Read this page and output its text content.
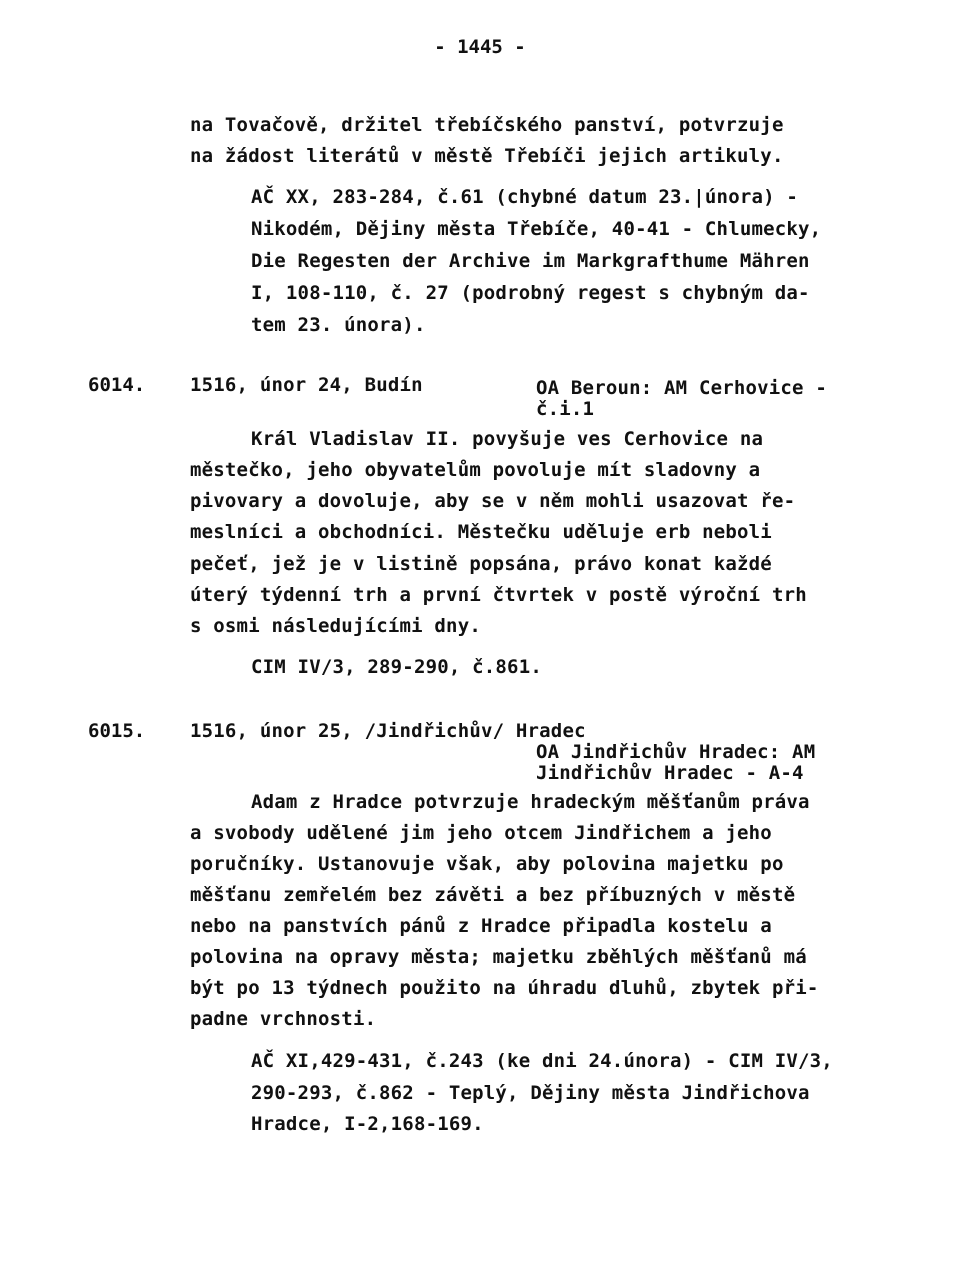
- 1445 -
na Tovačově, držitel třebíčského panství, potvrzuje
na žádost literátů v městě Třebíči jejich artikuly.
AČ XX, 283-284, č.61 (chybné datum 23.|února) -
Nikodém, Dějiny města Třebíče, 40-41 - Chlumecky,
Die Regesten der Archive im Markgrafthume Mähren
I, 108-110, č. 27 (podrobný regest s chybným da-
tem 23. února).
6014. 1516, únor 24, Budín	OA Beroun: AM Cerhovice -
č.i.1
Král Vladislav II. povyšuje ves Cerhovice na
městečko, jeho obyvatelům povoluje mít sladovny a
pivovary a dovoluje, aby se v něm mohli usazovat ře-
meslníci a obchodníci. Městečku uděluje erb neboli
pečeť, jež je v listině popsána, právo konat každé
úterý týdenní trh a první čtvrtek v postě výroční trh
s osmi následujícími dny.
CIM IV/3, 289-290, č.861.
6015. 1516, únor 25, /Jindřichův/ Hradec
OA Jindřichův Hradec: AM
Jindřichův Hradec - A-4
Adam z Hradce potvrzuje hradeckým měšťanům práva
a svobody udělené jim jeho otcem Jindřichem a jeho
poručníky. Ustanovuje však, aby polovina majetku po
měšťanu zemřelém bez závěti a bez příbuzných v městě
nebo na panstvích pánů z Hradce připadla kostelu a
polovina na opravy města; majetku zběhlých měšťanů má
být po 13 týdnech použito na úhradu dluhů, zbytek při-
padne vrchnosti.
AČ XI,429-431, č.243 (ke dni 24.února) - CIM IV/3,
290-293, č.862 - Teplý, Dějiny města Jindřichova
Hradce, I-2,168-169.
